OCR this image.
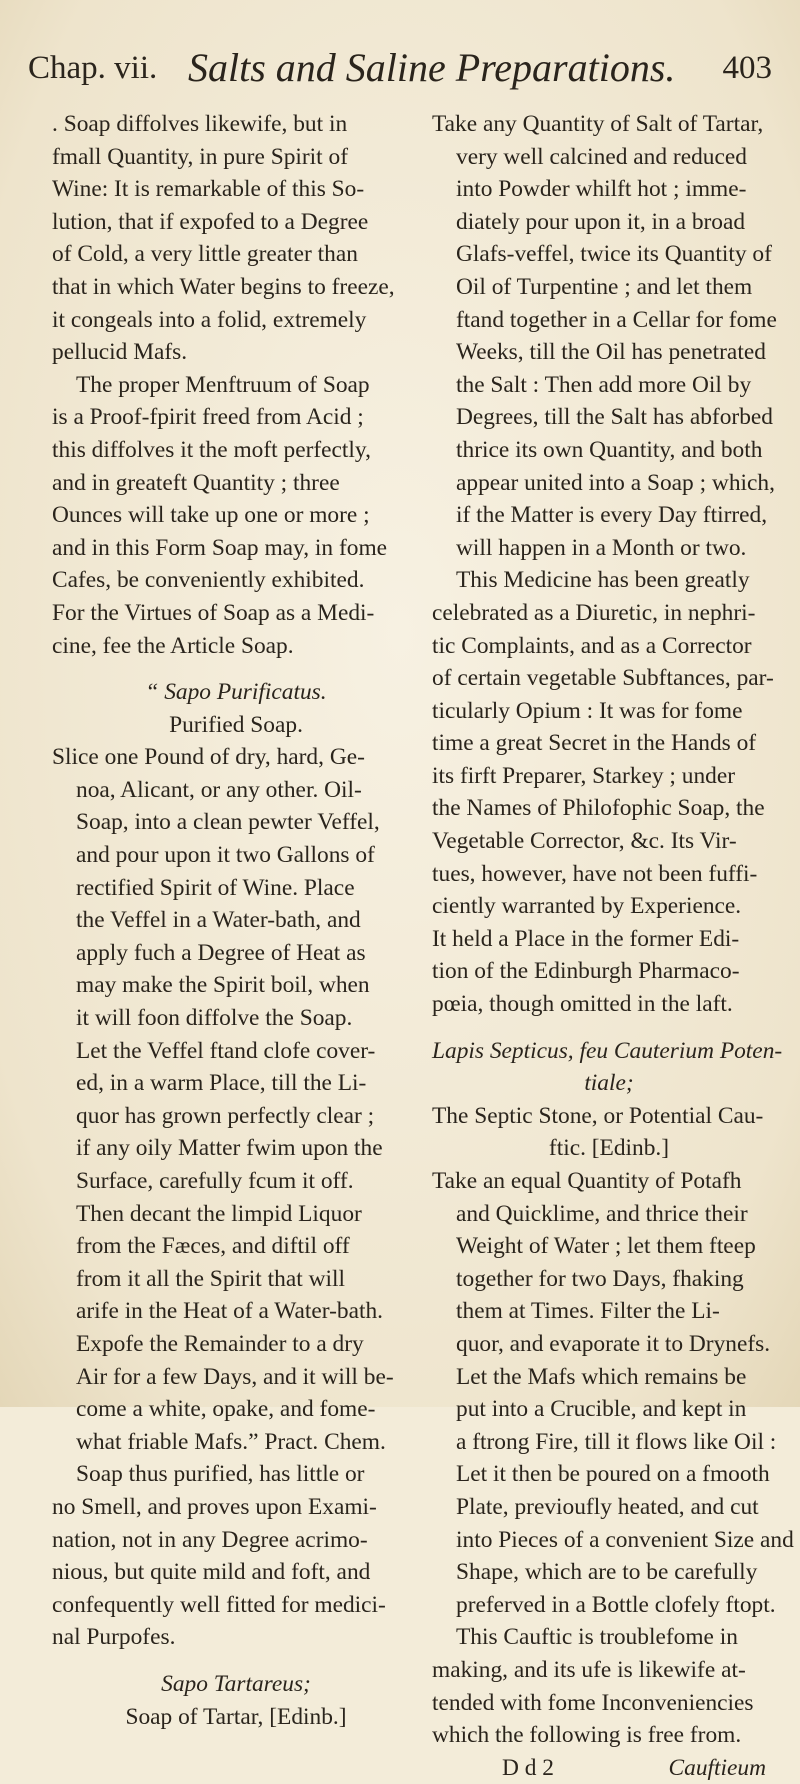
Chap. vii. Salts and Saline Preparations. 403
. Soap diffolves likewife, but in
fmall Quantity, in pure Spirit of
Wine: It is remarkable of this So-
lution, that if expofed to a Degree
of Cold, a very little greater than
that in which Water begins to freeze,
it congeals into a folid, extremely
pellucid Mafs.
The proper Menftruum of Soap
is a Proof-fpirit freed from Acid ;
this diffolves it the moft perfectly,
and in greateft Quantity ; three
Ounces will take up one or more ;
and in this Form Soap may, in fome
Cafes, be conveniently exhibited.
For the Virtues of Soap as a Medi-
cine, fee the Article Soap.
“ Sapo Purificatus.
Purified Soap.
Slice one Pound of dry, hard, Ge-
noa, Alicant, or any other. Oil-
Soap, into a clean pewter Veffel,
and pour upon it two Gallons of
rectified Spirit of Wine. Place
the Veffel in a Water-bath, and
apply fuch a Degree of Heat as
may make the Spirit boil, when
it will foon diffolve the Soap.
Let the Veffel ftand clofe cover-
ed, in a warm Place, till the Li-
quor has grown perfectly clear ;
if any oily Matter fwim upon the
Surface, carefully fcum it off.
Then decant the limpid Liquor
from the Fæces, and diftil off
from it all the Spirit that will
arife in the Heat of a Water-bath.
Expofe the Remainder to a dry
Air for a few Days, and it will be-
come a white, opake, and fome-
what friable Mafs.” Pract. Chem.
Soap thus purified, has little or
no Smell, and proves upon Exami-
nation, not in any Degree acrimo-
nious, but quite mild and foft, and
confequently well fitted for medici-
nal Purpofes.
Sapo Tartareus;
Soap of Tartar, [Edinb.]
Take any Quantity of Salt of Tartar,
very well calcined and reduced
into Powder whilft hot ; imme-
diately pour upon it, in a broad
Glafs-veffel, twice its Quantity of
Oil of Turpentine ; and let them
ftand together in a Cellar for fome
Weeks, till the Oil has penetrated
the Salt : Then add more Oil by
Degrees, till the Salt has abforbed
thrice its own Quantity, and both
appear united into a Soap ; which,
if the Matter is every Day ftirred,
will happen in a Month or two.
This Medicine has been greatly
celebrated as a Diuretic, in nephri-
tic Complaints, and as a Corrector
of certain vegetable Subftances, par-
ticularly Opium : It was for fome
time a great Secret in the Hands of
its firft Preparer, Starkey ; under
the Names of Philofophic Soap, the
Vegetable Corrector, &c. Its Vir-
tues, however, have not been fuffi-
ciently warranted by Experience.
It held a Place in the former Edi-
tion of the Edinburgh Pharmaco-
pœia, though omitted in the laft.
Lapis Septicus, feu Cauterium Poten-
tiale;
The Septic Stone, or Potential Cau-
ftic. [Edinb.]
Take an equal Quantity of Potafh
and Quicklime, and thrice their
Weight of Water ; let them fteep
together for two Days, fhaking
them at Times. Filter the Li-
quor, and evaporate it to Drynefs.
Let the Mafs which remains be
put into a Crucible, and kept in
a ftrong Fire, till it flows like Oil :
Let it then be poured on a fmooth
Plate, previoufly heated, and cut
into Pieces of a convenient Size and
Shape, which are to be carefully
preferved in a Bottle clofely ftopt.
This Cauftic is troublefome in
making, and its ufe is likewife at-
tended with fome Inconveniencies
which the following is free from.
D d 2	Cauftieum
